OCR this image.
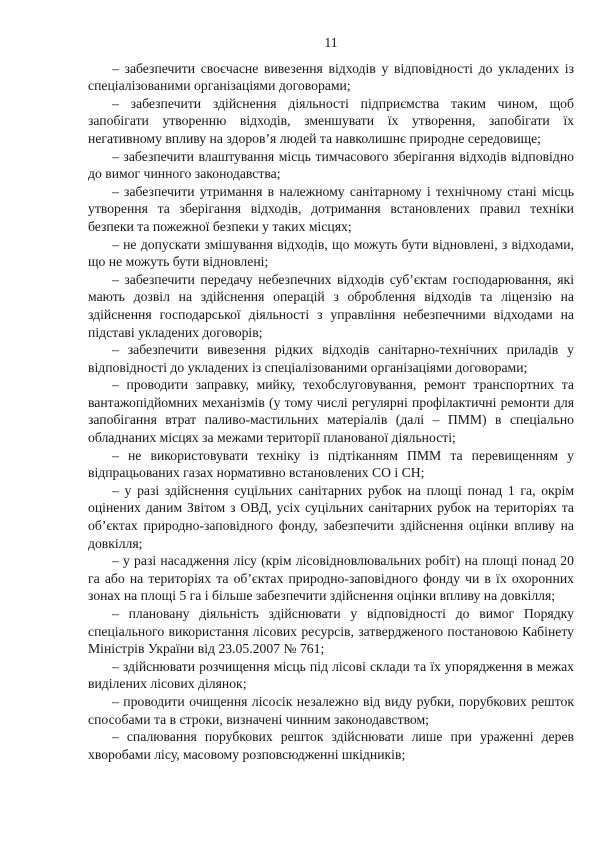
11

– забезпечити своєчасне вивезення відходів у відповідності до укладених із спеціалізованими організаціями договорами;

– забезпечити здійснення діяльності підприємства таким чином, щоб запобігати утворенню відходів, зменшувати їх утворення, запобігати їх негативному впливу на здоров’я людей та навколишнє природне середовище;

– забезпечити влаштування місць тимчасового зберігання відходів відповідно до вимог чинного законодавства;

– забезпечити утримання в належному санітарному і технічному стані місць утворення та зберігання відходів, дотримання встановлених правил техніки безпеки та пожежної безпеки у таких місцях;

– не допускати змішування відходів, що можуть бути відновлені, з відходами, що не можуть бути відновлені;

– забезпечити передачу небезпечних відходів суб’єктам господарювання, які мають дозвіл на здійснення операцій з оброблення відходів та ліцензію на здійснення господарської діяльності з управління небезпечними відходами на підставі укладених договорів;

– забезпечити вивезення рідких відходів санітарно-технічних приладів у відповідності до укладених із спеціалізованими організаціями договорами;

– проводити заправку, мийку, техобслуговування, ремонт транспортних та вантажопідйомних механізмів (у тому числі регулярні профілактичні ремонти для запобігання втрат паливо-мастильних матеріалів (далі – ПММ) в спеціально обладнаних місцях за межами території планованої діяльності;

– не використовувати техніку із підтіканням ПММ та перевищенням у відпрацьованих газах нормативно встановлених СО і СН;

– у разі здійснення суцільних санітарних рубок на площі понад 1 га, окрім оцінених даним Звітом з ОВД, усіх суцільних санітарних рубок на територіях та об’єктах природно-заповідного фонду, забезпечити здійснення оцінки впливу на довкілля;

– у разі насадження лісу (крім лісовідновлювальних робіт) на площі понад 20 га або на територіях та об’єктах природно-заповідного фонду чи в їх охоронних зонах на площі 5 га і більше забезпечити здійснення оцінки впливу на довкілля;

– плановану діяльність здійснювати у відповідності до вимог Порядку спеціального використання лісових ресурсів, затвердженого постановою Кабінету Міністрів України від 23.05.2007 № 761;

– здійснювати розчищення місць під лісові склади та їх упорядження в межах виділених лісових ділянок;

– проводити очищення лісосік незалежно від виду рубки, порубкових решток способами та в строки, визначені чинним законодавством;

– спалювання порубкових решток здійснювати лише при ураженні дерев хворобами лісу, масовому розповсюдженні шкідників;
